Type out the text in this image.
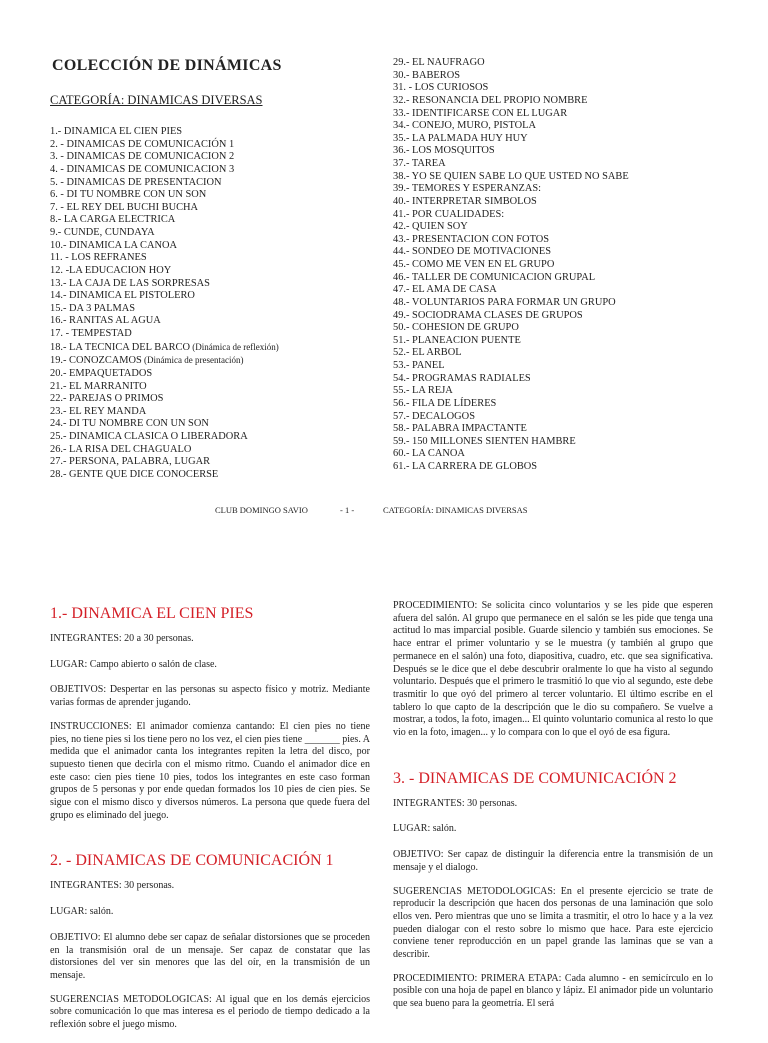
COLECCIÓN DE DINÁMICAS
CATEGORÍA: DINAMICAS DIVERSAS
1.- DINAMICA EL CIEN PIES
2. - DINAMICAS DE COMUNICACIÓN 1
3. - DINAMICAS DE COMUNICACION 2
4. - DINAMICAS DE COMUNICACION 3
5. - DINAMICAS DE PRESENTACION
6. - DI TU NOMBRE CON UN SON
7. - EL REY DEL BUCHI BUCHA
8.- LA CARGA ELECTRICA
9.- CUNDE, CUNDAYA
10.- DINAMICA LA CANOA
11. - LOS REFRANES
12. -LA EDUCACION HOY
13.- LA CAJA DE LAS SORPRESAS
14.- DINAMICA EL PISTOLERO
15.- DA 3 PALMAS
16.- RANITAS AL AGUA
17. - TEMPESTAD
18.- LA TECNICA DEL BARCO (Dinámica de reflexión)
19.- CONOZCAMOS (Dinámica de presentación)
20.- EMPAQUETADOS
21.- EL MARRANITO
22.- PAREJAS O PRIMOS
23.- EL REY MANDA
24.- DI TU NOMBRE CON UN SON
25.- DINAMICA CLASICA O LIBERADORA
26.- LA RISA DEL CHAGUALO
27.- PERSONA, PALABRA, LUGAR
28.- GENTE QUE DICE CONOCERSE
29.- EL NAUFRAGO
30.- BABEROS
31. - LOS CURIOSOS
32.- RESONANCIA DEL PROPIO NOMBRE
33.- IDENTIFICARSE CON EL LUGAR
34.- CONEJO, MURO, PISTOLA
35.- LA PALMADA HUY HUY
36.- LOS MOSQUITOS
37.- TAREA
38.- YO SE QUIEN SABE LO QUE USTED NO SABE
39.- TEMORES Y ESPERANZAS:
40.- INTERPRETAR SIMBOLOS
41.- POR CUALIDADES:
42.- QUIEN SOY
43.- PRESENTACION CON FOTOS
44.- SONDEO DE MOTIVACIONES
45.- COMO ME VEN EN EL GRUPO
46.- TALLER DE COMUNICACION GRUPAL
47.- EL AMA DE CASA
48.- VOLUNTARIOS PARA FORMAR UN GRUPO
49.- SOCIODRAMA CLASES DE GRUPOS
50.- COHESION DE GRUPO
51.- PLANEACION PUENTE
52.- EL ARBOL
53.- PANEL
54.- PROGRAMAS RADIALES
55.- LA REJA
56.- FILA DE LÍDERES
57.- DECALOGOS
58.- PALABRA IMPACTANTE
59.- 150 MILLONES SIENTEN HAMBRE
60.- LA CANOA
61.- LA CARRERA DE GLOBOS
CLUB DOMINGO SAVIO	- 1 -	CATEGORÍA: DINAMICAS DIVERSAS
1.- DINAMICA EL CIEN PIES

INTEGRANTES: 20 a 30 personas.

LUGAR: Campo abierto o salón de clase.

OBJETIVOS: Despertar en las personas su aspecto físico y motriz. Mediante varias formas de aprender jugando.

INSTRUCCIONES: El animador comienza cantando: El cien pies no tiene pies, no tiene pies si los tiene pero no los vez, el cien pies tiene _______ pies. A medida que el animador canta los integrantes repiten la letra del disco, por supuesto tienen que decirla con el mismo ritmo. Cuando el animador dice en este caso: cien pies tiene 10 pies, todos los integrantes en este caso forman grupos de 5 personas y por ende quedan formados los 10 pies de cien pies. Se sigue con el mismo disco y diversos números. La persona que quede fuera del grupo es eliminado del juego.

2. - DINAMICAS DE COMUNICACIÓN 1

INTEGRANTES: 30 personas.

LUGAR: salón.

OBJETIVO: El alumno debe ser capaz de señalar distorsiones que se proceden en la transmisión oral de un mensaje. Ser capaz de constatar que las distorsiones del ver sin menores que las del oír, en la transmisión de un mensaje.

SUGERENCIAS METODOLOGICAS: Al igual que en los demás ejercicios sobre comunicación lo que mas interesa es el periodo de tiempo dedicado a la reflexión sobre el juego mismo.

PROCEDIMIENTO: Se solicita cinco voluntarios y se les pide que esperen afuera del salón. Al grupo que permanece en el salón se les pide que tenga una actitud lo mas imparcial posible. Guarde silencio y también sus emociones. Se hace entrar el primer voluntario y se le muestra (y también al grupo que permanece en el salón) una foto, diapositiva, cuadro, etc. que sea significativa. Después se le dice que el debe descubrir oralmente lo que ha visto al segundo voluntario. Después que el primero le trasmitió lo que vio al segundo, este debe trasmitir lo que oyó del primero al tercer voluntario. El último escribe en el tablero lo que capto de la descripción que le dio su compañero. Se vuelve a mostrar, a todos, la foto, imagen... El quinto voluntario comunica al resto lo que vio en la foto, imagen... y lo compara con lo que el oyó de esa figura.

3. - DINAMICAS DE COMUNICACIÓN 2

INTEGRANTES: 30 personas.

LUGAR: salón.

OBJETIVO: Ser capaz de distinguir la diferencia entre la transmisión de un mensaje y el dialogo.

SUGERENCIAS METODOLOGICAS: En el presente ejercicio se trate de reproducir la descripción que hacen dos personas de una laminación que solo ellos ven. Pero mientras que uno se limita a trasmitir, el otro lo hace y a la vez pueden dialogar con el resto sobre lo mismo que hace. Para este ejercicio conviene tener reproducción en un papel grande las laminas que se van a describir.

PROCEDIMIENTO: PRIMERA ETAPA: Cada alumno - en semicírculo en lo posible con una hoja de papel en blanco y lápiz. El animador pide un voluntario que sea bueno para la geometría. El será
